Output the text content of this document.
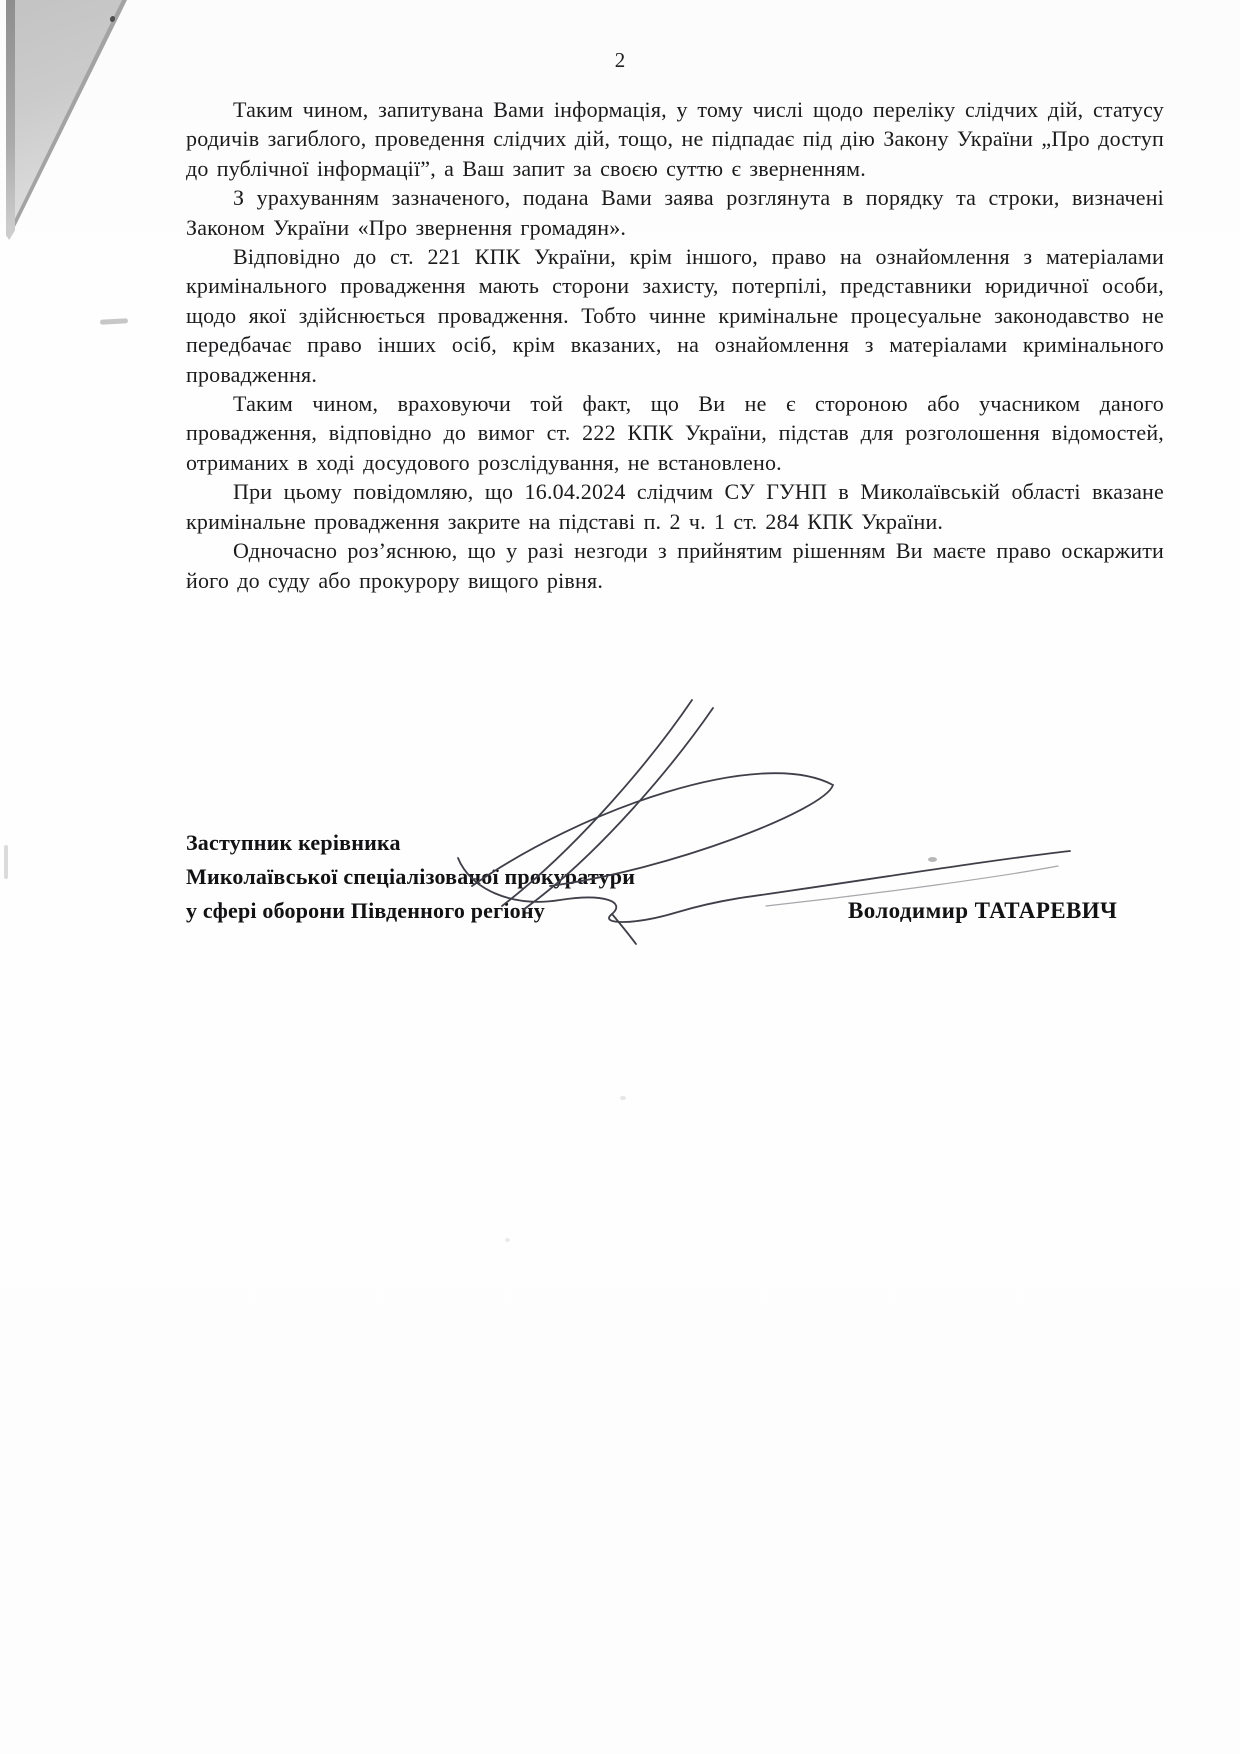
2

Таким чином, запитувана Вами інформація, у тому числі щодо переліку слідчих дій, статусу родичів загиблого, проведення слідчих дій, тощо, не підпадає під дію Закону України „Про доступ до публічної інформації”, а Ваш запит за своєю суттю є зверненням.

З урахуванням зазначеного, подана Вами заява розглянута в порядку та строки, визначені Законом України «Про звернення громадян».

Відповідно до ст. 221 КПК України, крім іншого, право на ознайомлення з матеріалами кримінального провадження мають сторони захисту, потерпілі, представники юридичної особи, щодо якої здійснюється провадження. Тобто чинне кримінальне процесуальне законодавство не передбачає право інших осіб, крім вказаних, на ознайомлення з матеріалами кримінального провадження.

Таким чином, враховуючи той факт, що Ви не є стороною або учасником даного провадження, відповідно до вимог ст. 222 КПК України, підстав для розголошення відомостей, отриманих в ході досудового розслідування, не встановлено.

При цьому повідомляю, що 16.04.2024 слідчим СУ ГУНП в Миколаївській області вказане кримінальне провадження закрите на підставі п. 2 ч. 1 ст. 284 КПК України.

Одночасно роз’яснюю, що у разі незгоди з прийнятим рішенням Ви маєте право оскаржити його до суду або прокурору вищого рівня.

Заступник керівника
Миколаївської спеціалізованої прокуратури
у сфері оборони Південного регіону	Володимир ТАТАРЕВИЧ
